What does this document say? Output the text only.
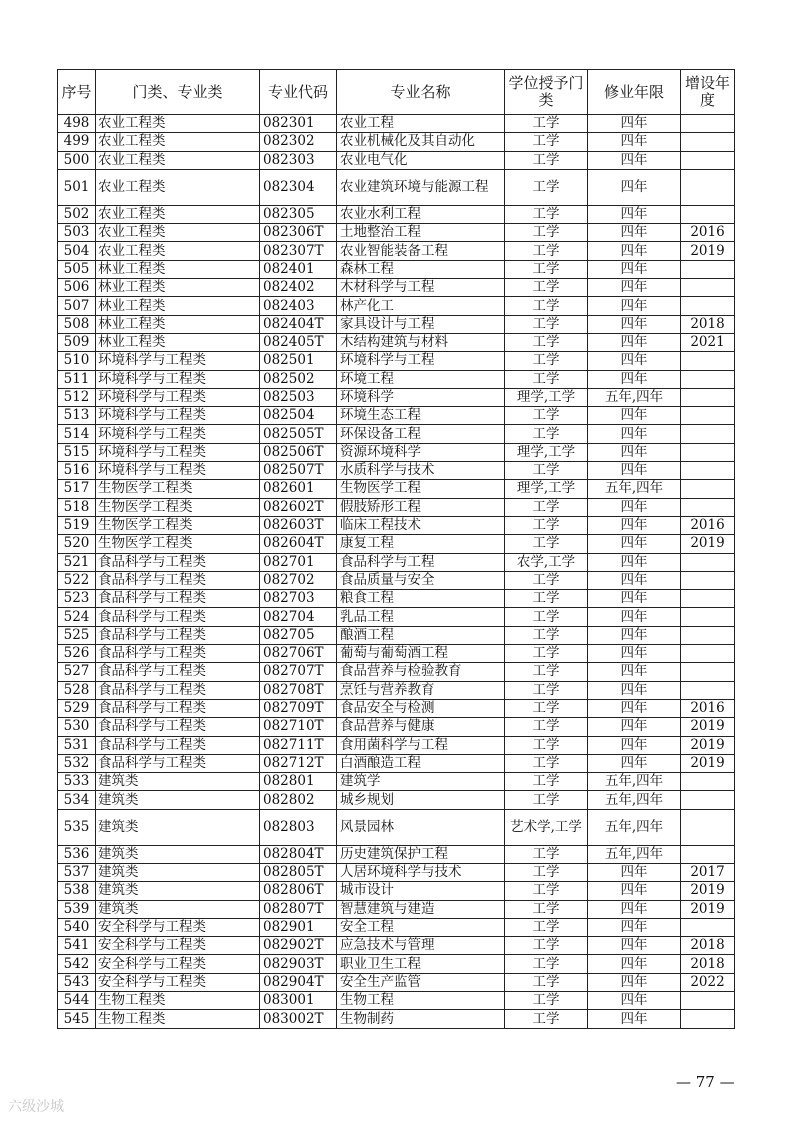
序号	门类、专业类	专业代码	专业名称	学位授予门类	修业年限	增设年度
498	农业工程类	082301	农业工程	工学	四年	
499	农业工程类	082302	农业机械化及其自动化	工学	四年	
500	农业工程类	082303	农业电气化	工学	四年	
501	农业工程类	082304	农业建筑环境与能源工程	工学	四年	
502	农业工程类	082305	农业水利工程	工学	四年	
503	农业工程类	082306T	土地整治工程	工学	四年	2016
504	农业工程类	082307T	农业智能装备工程	工学	四年	2019
505	林业工程类	082401	森林工程	工学	四年	
506	林业工程类	082402	木材科学与工程	工学	四年	
507	林业工程类	082403	林产化工	工学	四年	
508	林业工程类	082404T	家具设计与工程	工学	四年	2018
509	林业工程类	082405T	木结构建筑与材料	工学	四年	2021
510	环境科学与工程类	082501	环境科学与工程	工学	四年	
511	环境科学与工程类	082502	环境工程	工学	四年	
512	环境科学与工程类	082503	环境科学	理学,工学	五年,四年	
513	环境科学与工程类	082504	环境生态工程	工学	四年	
514	环境科学与工程类	082505T	环保设备工程	工学	四年	
515	环境科学与工程类	082506T	资源环境科学	理学,工学	四年	
516	环境科学与工程类	082507T	水质科学与技术	工学	四年	
517	生物医学工程类	082601	生物医学工程	理学,工学	五年,四年	
518	生物医学工程类	082602T	假肢矫形工程	工学	四年	
519	生物医学工程类	082603T	临床工程技术	工学	四年	2016
520	生物医学工程类	082604T	康复工程	工学	四年	2019
521	食品科学与工程类	082701	食品科学与工程	农学,工学	四年	
522	食品科学与工程类	082702	食品质量与安全	工学	四年	
523	食品科学与工程类	082703	粮食工程	工学	四年	
524	食品科学与工程类	082704	乳品工程	工学	四年	
525	食品科学与工程类	082705	酿酒工程	工学	四年	
526	食品科学与工程类	082706T	葡萄与葡萄酒工程	工学	四年	
527	食品科学与工程类	082707T	食品营养与检验教育	工学	四年	
528	食品科学与工程类	082708T	烹饪与营养教育	工学	四年	
529	食品科学与工程类	082709T	食品安全与检测	工学	四年	2016
530	食品科学与工程类	082710T	食品营养与健康	工学	四年	2019
531	食品科学与工程类	082711T	食用菌科学与工程	工学	四年	2019
532	食品科学与工程类	082712T	白酒酿造工程	工学	四年	2019
533	建筑类	082801	建筑学	工学	五年,四年	
534	建筑类	082802	城乡规划	工学	五年,四年	
535	建筑类	082803	风景园林	艺术学,工学	五年,四年	
536	建筑类	082804T	历史建筑保护工程	工学	五年,四年	
537	建筑类	082805T	人居环境科学与技术	工学	四年	2017
538	建筑类	082806T	城市设计	工学	四年	2019
539	建筑类	082807T	智慧建筑与建造	工学	四年	2019
540	安全科学与工程类	082901	安全工程	工学	四年	
541	安全科学与工程类	082902T	应急技术与管理	工学	四年	2018
542	安全科学与工程类	082903T	职业卫生工程	工学	四年	2018
543	安全科学与工程类	082904T	安全生产监管	工学	四年	2022
544	生物工程类	083001	生物工程	工学	四年	
545	生物工程类	083002T	生物制药	工学	四年	
— 77 —
六级沙城
